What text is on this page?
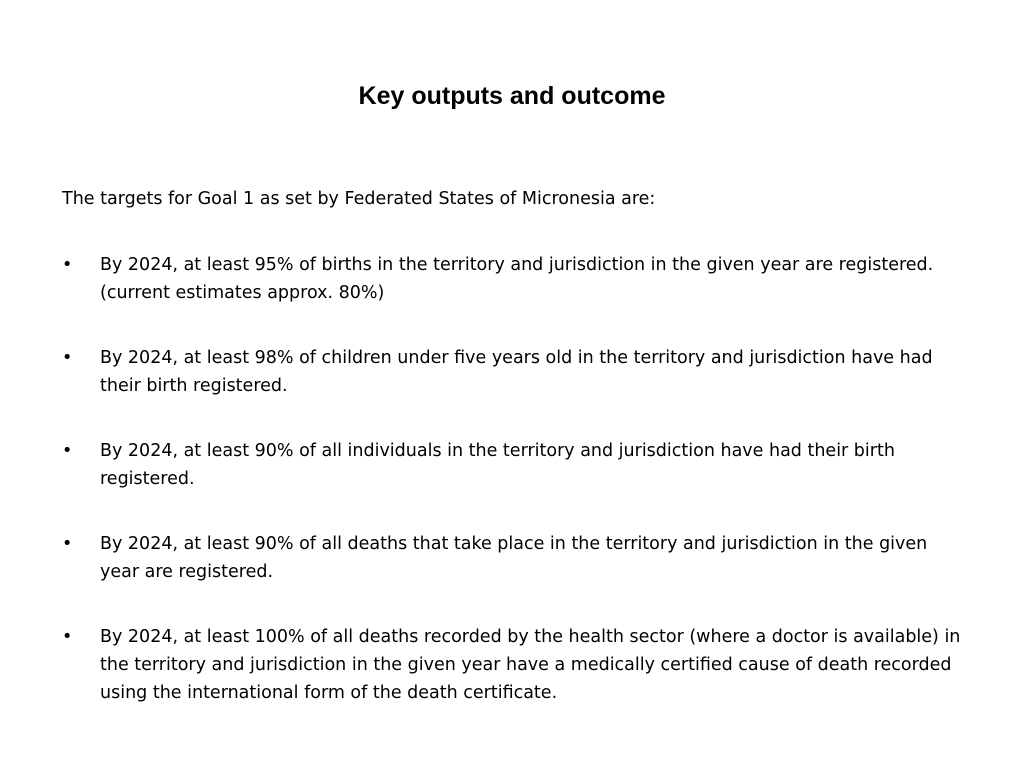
Key outputs and outcome

The targets for Goal 1 as set by Federated States of Micronesia are:

•	By 2024, at least 95% of births in the territory and jurisdiction in the given year are registered. (current estimates approx. 80%)
•	By 2024, at least 98% of children under five years old in the territory and jurisdiction have had their birth registered.
•	By 2024, at least 90% of all individuals in the territory and jurisdiction have had their birth registered.
•	By 2024, at least 90% of all deaths that take place in the territory and jurisdiction in the given year are registered.
•	By 2024, at least 100% of all deaths recorded by the health sector (where a doctor is available) in the territory and jurisdiction in the given year have a medically certified cause of death recorded using the international form of the death certificate.
